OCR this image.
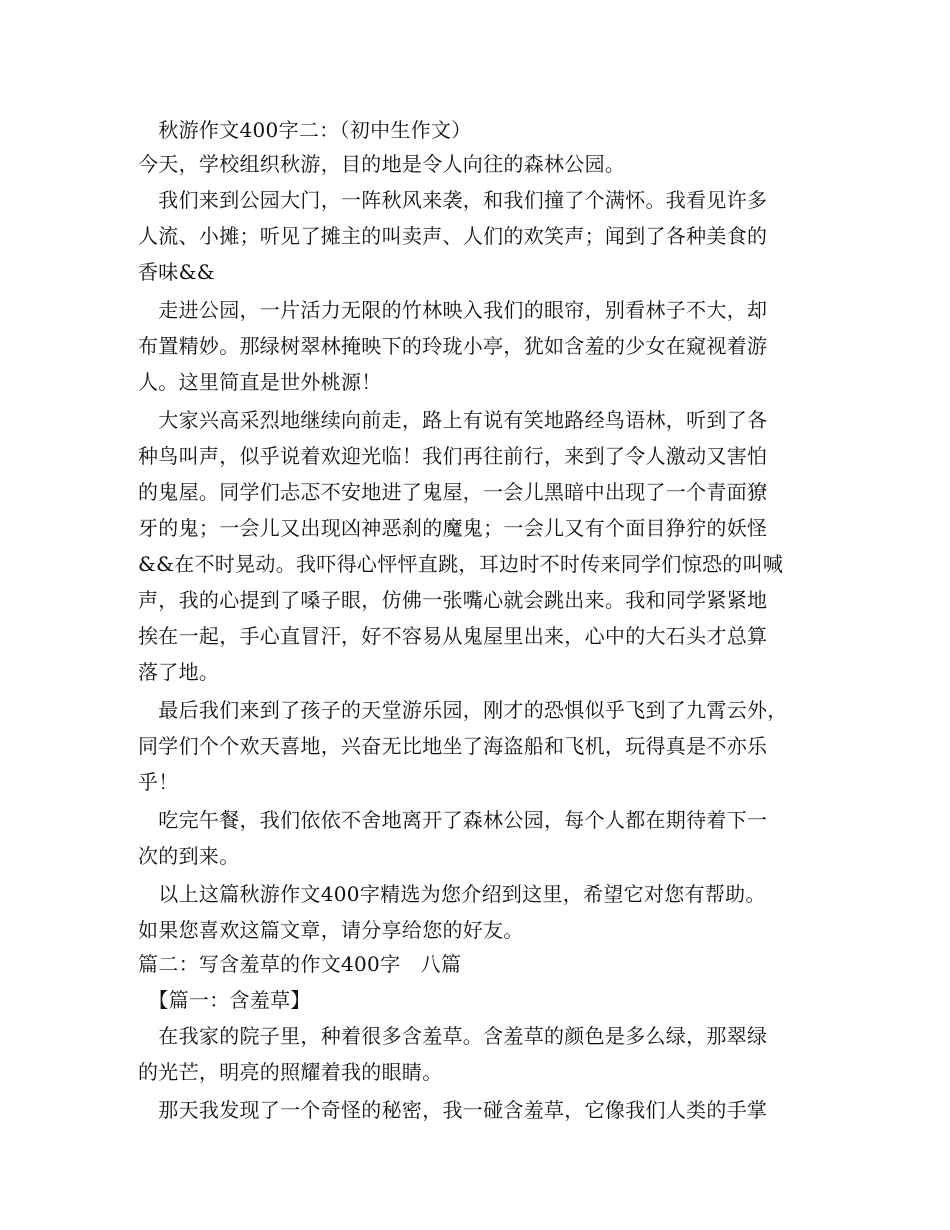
　秋游作文400字二：（初中生作文）
今天，学校组织秋游，目的地是令人向往的森林公园。
　我们来到公园大门，一阵秋风来袭，和我们撞了个满怀。我看见许多
人流、小摊；听见了摊主的叫卖声、人们的欢笑声；闻到了各种美食的
香味&&
　走进公园，一片活力无限的竹林映入我们的眼帘，别看林子不大，却
布置精妙。那绿树翠林掩映下的玲珑小亭，犹如含羞的少女在窥视着游
人。这里简直是世外桃源！
　大家兴高采烈地继续向前走，路上有说有笑地路经鸟语林，听到了各
种鸟叫声，似乎说着欢迎光临！我们再往前行，来到了令人激动又害怕
的鬼屋。同学们忐忑不安地进了鬼屋，一会儿黑暗中出现了一个青面獠
牙的鬼；一会儿又出现凶神恶刹的魔鬼；一会儿又有个面目狰狞的妖怪
&&在不时晃动。我吓得心怦怦直跳，耳边时不时传来同学们惊恐的叫喊
声，我的心提到了嗓子眼，仿佛一张嘴心就会跳出来。我和同学紧紧地
挨在一起，手心直冒汗，好不容易从鬼屋里出来，心中的大石头才总算
落了地。
　最后我们来到了孩子的天堂游乐园，刚才的恐惧似乎飞到了九霄云外，
同学们个个欢天喜地，兴奋无比地坐了海盗船和飞机，玩得真是不亦乐
乎！
　吃完午餐，我们依依不舍地离开了森林公园，每个人都在期待着下一
次的到来。
　以上这篇秋游作文400字精选为您介绍到这里，希望它对您有帮助。
如果您喜欢这篇文章，请分享给您的好友。
篇二：写含羞草的作文400字　八篇
　【篇一：含羞草】
　在我家的院子里，种着很多含羞草。含羞草的颜色是多么绿，那翠绿
的光芒，明亮的照耀着我的眼睛。
　那天我发现了一个奇怪的秘密，我一碰含羞草，它像我们人类的手掌
